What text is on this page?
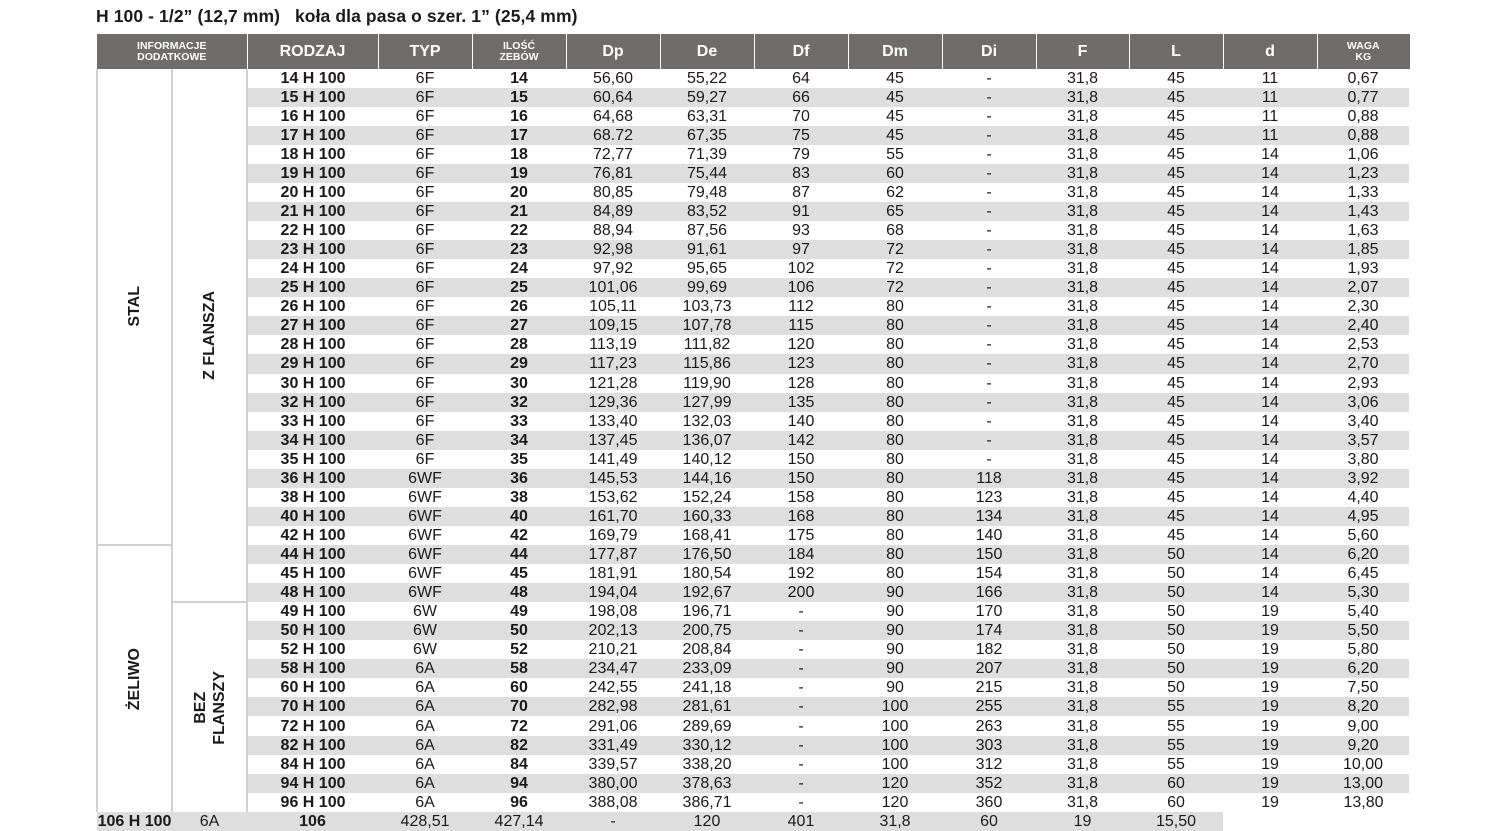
H 100 - 1/2” (12,7 mm)   koła dla pasa o szer. 1” (25,4 mm)
INFORMACJE
DODATKOWE		RODZAJ	TYP	ILOŚĆ
ZEBÓW	Dp	De	Df	Dm	Di	F	L	d	WAGA
KG

STAL	Z FLANSZA	14 H 100	6F	14	56,60	55,22	64	45	-	31,8	45	11	0,67
		15 H 100	6F	15	60,64	59,27	66	45	-	31,8	45	11	0,77
		16 H 100	6F	16	64,68	63,31	70	45	-	31,8	45	11	0,88
		17 H 100	6F	17	68.72	67,35	75	45	-	31,8	45	11	0,88
		18 H 100	6F	18	72,77	71,39	79	55	-	31,8	45	14	1,06
		19 H 100	6F	19	76,81	75,44	83	60	-	31,8	45	14	1,23
		20 H 100	6F	20	80,85	79,48	87	62	-	31,8	45	14	1,33
		21 H 100	6F	21	84,89	83,52	91	65	-	31,8	45	14	1,43
		22 H 100	6F	22	88,94	87,56	93	68	-	31,8	45	14	1,63
		23 H 100	6F	23	92,98	91,61	97	72	-	31,8	45	14	1,85
		24 H 100	6F	24	97,92	95,65	102	72	-	31,8	45	14	1,93
		25 H 100	6F	25	101,06	99,69	106	72	-	31,8	45	14	2,07
		26 H 100	6F	26	105,11	103,73	112	80	-	31,8	45	14	2,30
		27 H 100	6F	27	109,15	107,78	115	80	-	31,8	45	14	2,40
		28 H 100	6F	28	113,19	111,82	120	80	-	31,8	45	14	2,53
		29 H 100	6F	29	117,23	115,86	123	80	-	31,8	45	14	2,70
		30 H 100	6F	30	121,28	119,90	128	80	-	31,8	45	14	2,93
		32 H 100	6F	32	129,36	127,99	135	80	-	31,8	45	14	3,06
		33 H 100	6F	33	133,40	132,03	140	80	-	31,8	45	14	3,40
		34 H 100	6F	34	137,45	136,07	142	80	-	31,8	45	14	3,57
		35 H 100	6F	35	141,49	140,12	150	80	-	31,8	45	14	3,80
		36 H 100	6WF	36	145,53	144,16	150	80	118	31,8	45	14	3,92
		38 H 100	6WF	38	153,62	152,24	158	80	123	31,8	45	14	4,40
		40 H 100	6WF	40	161,70	160,33	168	80	134	31,8	45	14	4,95
		42 H 100	6WF	42	169,79	168,41	175	80	140	31,8	45	14	5,60

ŻELIWO		44 H 100	6WF	44	177,87	176,50	184	80	150	31,8	50	14	6,20
		45 H 100	6WF	45	181,91	180,54	192	80	154	31,8	50	14	6,45
		48 H 100	6WF	48	194,04	192,67	200	90	166	31,8	50	14	5,30

	BEZ
FLANSZY	49 H 100	6W	49	198,08	196,71	-	90	170	31,8	50	19	5,40
		50 H 100	6W	50	202,13	200,75	-	90	174	31,8	50	19	5,50
		52 H 100	6W	52	210,21	208,84	-	90	182	31,8	50	19	5,80
		58 H 100	6A	58	234,47	233,09	-	90	207	31,8	50	19	6,20
		60 H 100	6A	60	242,55	241,18	-	90	215	31,8	50	19	7,50
		70 H 100	6A	70	282,98	281,61	-	100	255	31,8	55	19	8,20
		72 H 100	6A	72	291,06	289,69	-	100	263	31,8	55	19	9,00
		82 H 100	6A	82	331,49	330,12	-	100	303	31,8	55	19	9,20
		84 H 100	6A	84	339,57	338,20	-	100	312	31,8	55	19	10,00
		94 H 100	6A	94	380,00	378,63	-	120	352	31,8	60	19	13,00
		96 H 100	6A	96	388,08	386,71	-	120	360	31,8	60	19	13,80
106 H 100	6A	106	428,51	427,14	-	120	401	31,8	60	19	15,50		
